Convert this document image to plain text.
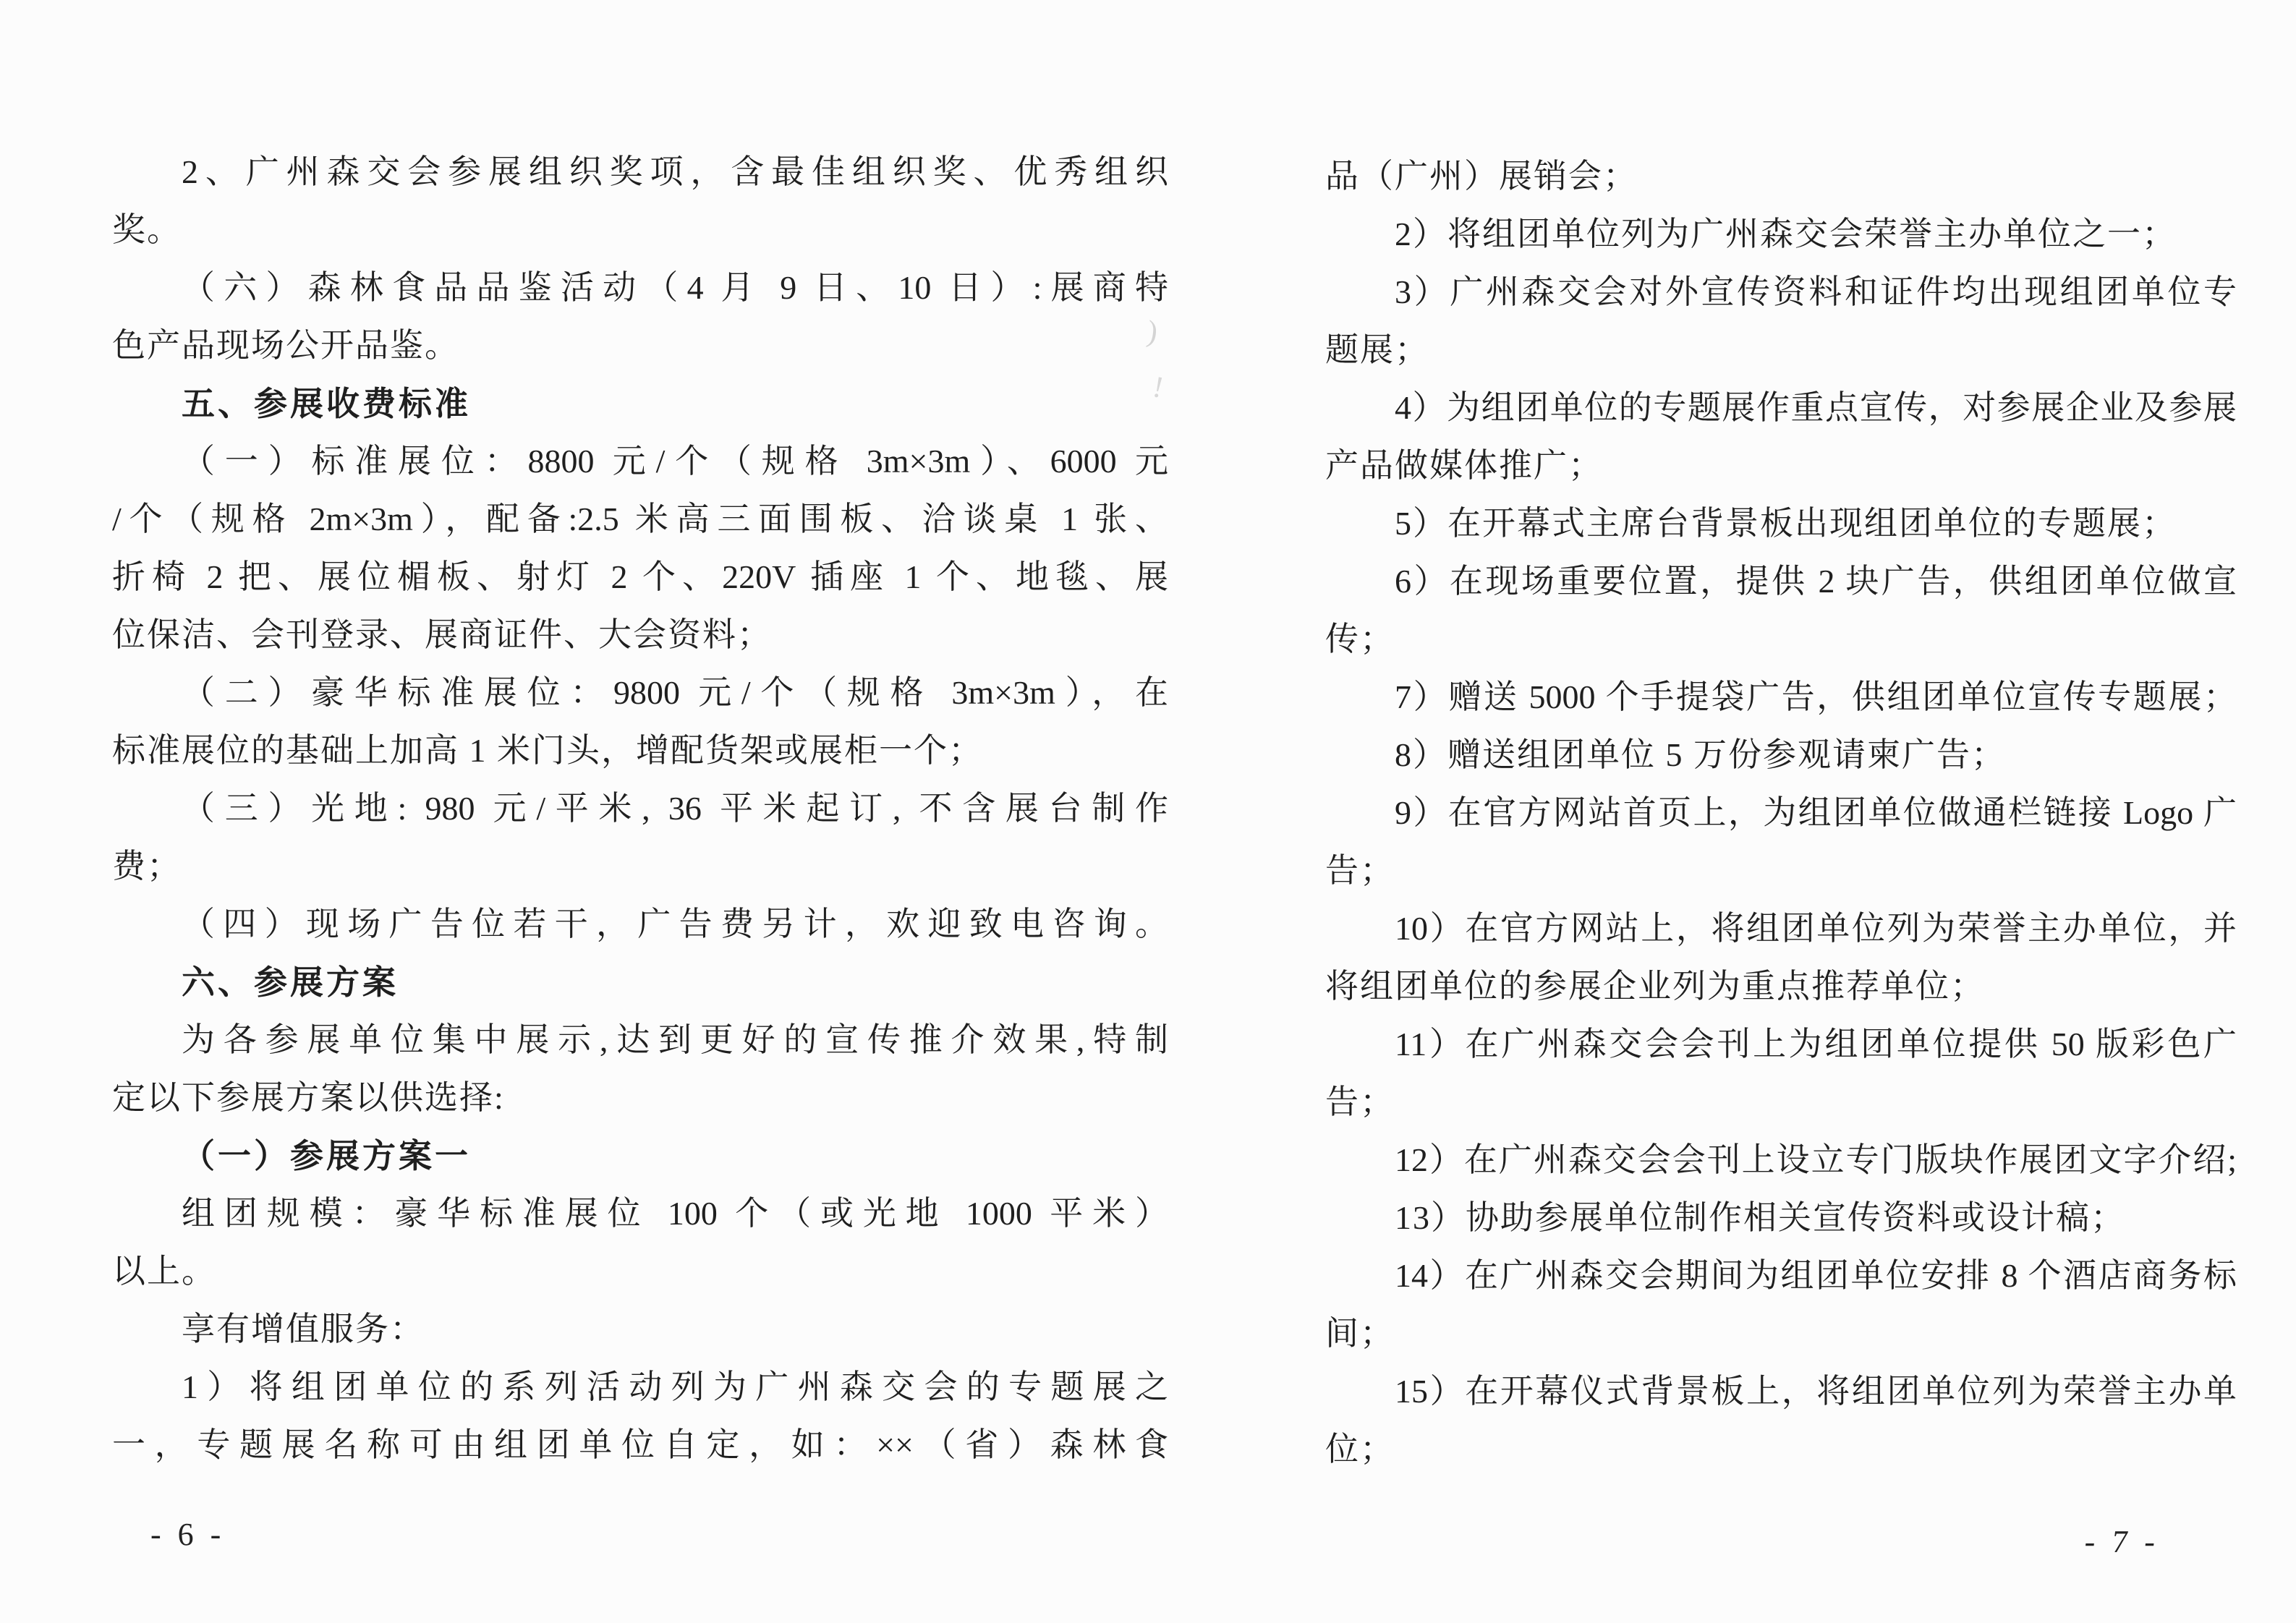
2、广州森交会参展组织奖项，含最佳组织奖、优秀组织
奖。
（六）森林食品品鉴活动（4 月 9 日、10 日）:展商特
色产品现场公开品鉴。
五、参展收费标准
（一）标准展位：8800 元/个（规格 3m×3m）、6000 元
/个（规格 2m×3m），配备:2.5 米高三面围板、洽谈桌 1 张、
折椅 2 把、展位楣板、射灯 2 个、220V 插座 1 个、地毯、展
位保洁、会刊登录、展商证件、大会资料；
（二）豪华标准展位：9800 元/个（规格 3m×3m），在
标准展位的基础上加高 1 米门头，增配货架或展柜一个；
（三）光地: 980 元/平米, 36 平米起订, 不含展台制作
费；
（四）现场广告位若干，广告费另计，欢迎致电咨询。
六、参展方案
为各参展单位集中展示,达到更好的宣传推介效果,特制
定以下参展方案以供选择:
（一）参展方案一
组团规模：豪华标准展位 100 个（或光地 1000 平米）
以上。
享有增值服务：
1）将组团单位的系列活动列为广州森交会的专题展之
一，专题展名称可由组团单位自定，如：××（省）森林食
品（广州）展销会；
2）将组团单位列为广州森交会荣誉主办单位之一；
3）广州森交会对外宣传资料和证件均出现组团单位专
题展；
4）为组团单位的专题展作重点宣传，对参展企业及参展
产品做媒体推广；
5）在开幕式主席台背景板出现组团单位的专题展；
6）在现场重要位置，提供 2 块广告，供组团单位做宣
传；
7）赠送 5000 个手提袋广告，供组团单位宣传专题展；
8）赠送组团单位 5 万份参观请柬广告；
9）在官方网站首页上，为组团单位做通栏链接 Logo 广
告；
10）在官方网站上，将组团单位列为荣誉主办单位，并
将组团单位的参展企业列为重点推荐单位；
11）在广州森交会会刊上为组团单位提供 50 版彩色广
告；
12）在广州森交会会刊上设立专门版块作展团文字介绍;
13）协助参展单位制作相关宣传资料或设计稿；
14）在广州森交会期间为组团单位安排 8 个酒店商务标
间；
15）在开幕仪式背景板上，将组团单位列为荣誉主办单
位；
- 6 -	- 7 -
)
!
